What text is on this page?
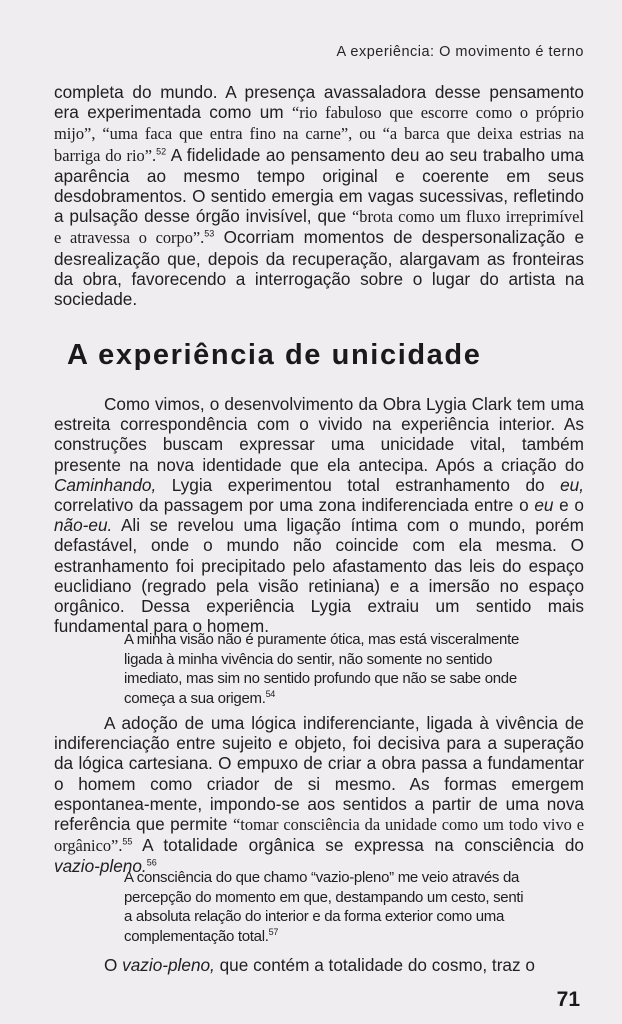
A experiência: O movimento é terno

completa do mundo. A presença avassaladora desse pensamento era experimentada como um “rio fabuloso que escorre como o próprio mijo”, “uma faca que entra fino na carne”, ou “a barca que deixa estrias na barriga do rio”.$^{52}$ A fidelidade ao pensamento deu ao seu trabalho uma aparência ao mesmo tempo original e coerente em seus desdobramentos. O sentido emergia em vagas sucessivas, refletindo a pulsação desse órgão invisível, que “brota como um fluxo irreprimível e atravessa o corpo”.$^{53}$ Ocorriam momentos de despersonalização e desrealização que, depois da recuperação, alargavam as fronteiras da obra, favorecendo a interrogação sobre o lugar do artista na sociedade.

A experiência de unicidade

Como vimos, o desenvolvimento da Obra Lygia Clark tem uma estreita correspondência com o vivido na experiência interior. As construções buscam expressar uma unicidade vital, também presente na nova identidade que ela antecipa. Após a criação do Caminhando, Lygia experimentou total estranhamento do eu, correlativo da passagem por uma zona indiferenciada entre o eu e o não-eu. Ali se revelou uma ligação íntima com o mundo, porém defastável, onde o mundo não coincide com ela mesma. O estranhamento foi precipitado pelo afastamento das leis do espaço euclidiano (regrado pela visão retiniana) e a imersão no espaço orgânico. Dessa experiência Lygia extraiu um sentido mais fundamental para o homem.

A minha visão não é puramente ótica, mas está visceralmente ligada à minha vivência do sentir, não somente no sentido imediato, mas sim no sentido profundo que não se sabe onde começa a sua origem.$^{54}$

A adoção de uma lógica indiferenciante, ligada à vivência de indiferenciação entre sujeito e objeto, foi decisiva para a superação da lógica cartesiana. O empuxo de criar a obra passa a fundamentar o homem como criador de si mesmo. As formas emergem espontanea-mente, impondo-se aos sentidos a partir de uma nova referência que permite “tomar consciência da unidade como um todo vivo e orgânico”.$^{55}$ A totalidade orgânica se expressa na consciência do vazio-pleno.$^{56}$

A consciência do que chamo “vazio-pleno” me veio através da percepção do momento em que, destampando um cesto, senti a absoluta relação do interior e da forma exterior como uma complementação total.$^{57}$

O vazio-pleno, que contém a totalidade do cosmo, traz o

71
